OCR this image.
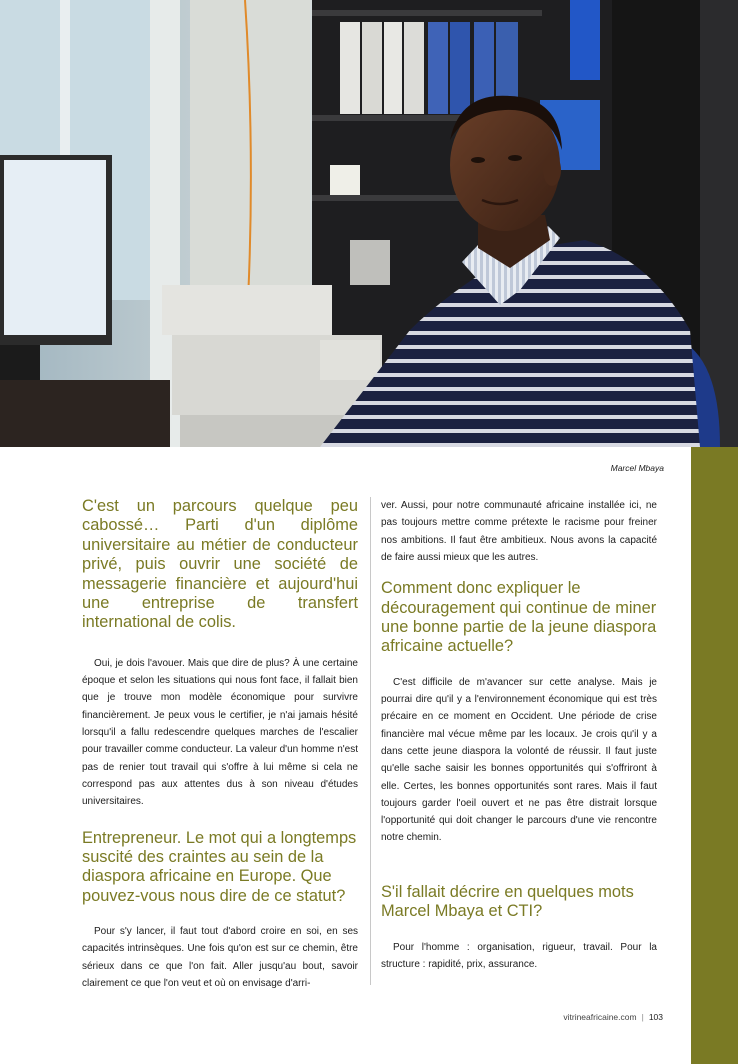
Marcel Mbaya

C'est un parcours quelque peu cabossé… Parti d'un diplôme universitaire au métier de conducteur privé, puis ouvrir une société de messagerie financière et aujourd'hui une entreprise de transfert international de colis.

Oui, je dois l'avouer. Mais que dire de plus? À une certaine époque et selon les situations qui nous font face, il fallait bien que je trouve mon modèle économique pour survivre financièrement. Je peux vous le certifier, je n'ai jamais hésité lorsqu'il a fallu redescendre quelques marches de l'escalier pour travailler comme conducteur. La valeur d'un homme n'est pas de renier tout travail qui s'offre à lui même si cela ne correspond pas aux attentes dus à son niveau d'études universitaires.

Entrepreneur. Le mot qui a longtemps suscité des craintes au sein de la diaspora africaine en Europe. Que pouvez-vous nous dire de ce statut?

Pour s'y lancer, il faut tout d'abord croire en soi, en ses capacités intrinsèques. Une fois qu'on est sur ce chemin, être sérieux dans ce que l'on fait. Aller jusqu'au bout, savoir clairement ce que l'on veut et où on envisage d'arri-

ver. Aussi, pour notre communauté africaine installée ici, ne pas toujours mettre comme prétexte le racisme pour freiner nos ambitions. Il faut être ambitieux. Nous avons la capacité de faire aussi mieux que les autres.

Comment donc expliquer le découragement qui continue de miner une bonne partie de la jeune diaspora africaine actuelle?

C'est difficile de m'avancer sur cette analyse. Mais je pourrai dire qu'il y a l'environnement économique qui est très précaire en ce moment en Occident. Une période de crise financière mal vécue même par les locaux. Je crois qu'il y a dans cette jeune diaspora la volonté de réussir. Il faut juste qu'elle sache saisir les bonnes opportunités qui s'offriront à elle. Certes, les bonnes opportunités sont rares. Mais il faut toujours garder l'oeil ouvert et ne pas être distrait lorsque l'opportunité qui doit changer le parcours d'une vie rencontre notre chemin.

S'il fallait décrire en quelques mots Marcel Mbaya et CTI?

Pour l'homme : organisation, rigueur, travail. Pour la structure : rapidité, prix, assurance.

vitrineafricaine.com | 103
